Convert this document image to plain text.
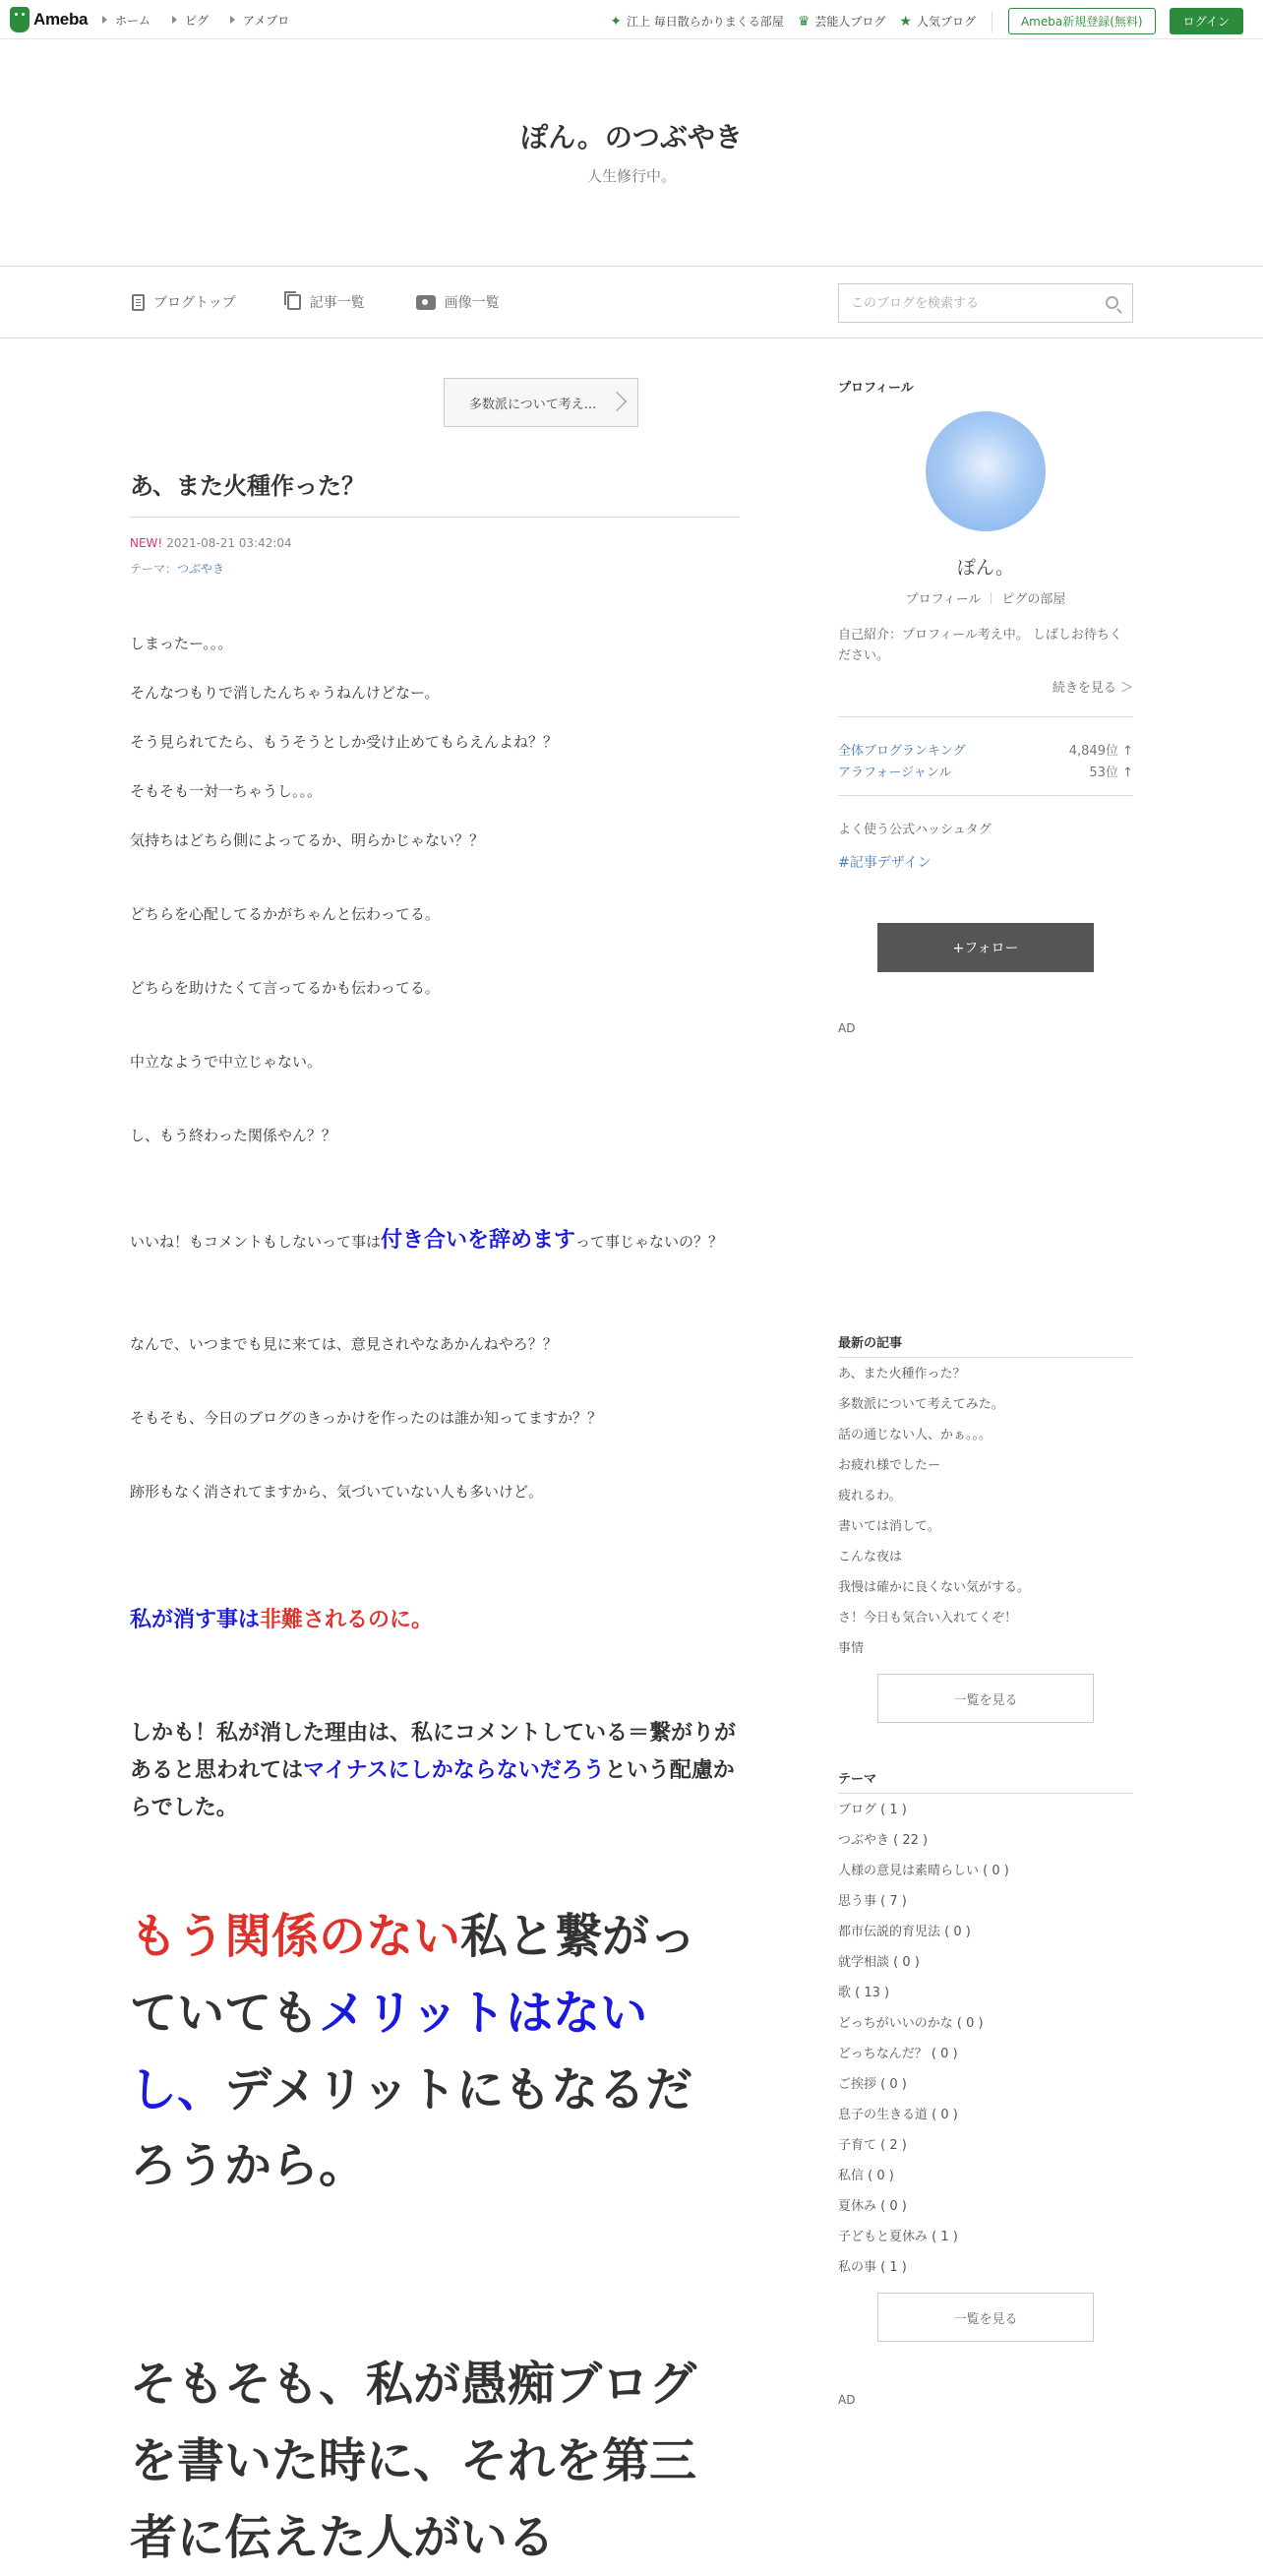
Ameba	ホーム	ピグ	アメブロ	✦ 江上 毎日散らかりまくる部屋 ♛ 芸能人ブログ ★ 人気ブログ	Ameba新規登録(無料)	ログイン
ぽん。のつぶやき
人生修行中。
ブログトップ	記事一覧	画像一覧
このブログを検索する
多数派について考え...
あ、また火種作った？
NEW! 2021-08-21 03:42:04
テーマ：つぶやき
しまったー。。。
そんなつもりで消したんちゃうねんけどなー。
そう見られてたら、もうそうとしか受け止めてもらえんよね？？
そもそも一対一ちゃうし。。。
気持ちはどちら側によってるか、明らかじゃない？？
どちらを心配してるかがちゃんと伝わってる。
どちらを助けたくて言ってるかも伝わってる。
中立なようで中立じゃない。
し、もう終わった関係やん？？
いいね！もコメントもしないって事は付き合いを辞めますって事じゃないの？？
なんで、いつまでも見に来ては、意見されやなあかんねやろ？？
そもそも、今日のブログのきっかけを作ったのは誰か知ってますか？？
跡形もなく消されてますから、気づいていない人も多いけど。
私が消す事は非難されるのに。
しかも！私が消した理由は、私にコメントしている＝繋がりがあると思われてはマイナスにしかならないだろうという配慮からでした。
もう関係のない私と繋がっていてもメリットはないし、デメリットにもなるだろうから。
そもそも、私が愚痴ブログを書いた時に、それを第三者に伝えた人がいる
プロフィール
ぽん。
プロフィール ピグの部屋
自己紹介：プロフィール考え中。 しばしお待ちください。
続きを見る ＞
全体ブログランキング	4,849位 ↑
アラフォージャンル	53位 ↑
よく使う公式ハッシュタグ
#記事デザイン
+フォロー
AD
最新の記事
あ、また火種作った？
多数派について考えてみた。
話の通じない人、かぁ。。。
お疲れ様でしたー
疲れるわ。
書いては消して。
こんな夜は
我慢は確かに良くない気がする。
さ！今日も気合い入れてくぞ！
事情
一覧を見る
テーマ
ブログ ( 1 )
つぶやき ( 22 )
人様の意見は素晴らしい ( 0 )
思う事 ( 7 )
都市伝説的育児法 ( 0 )
就学相談 ( 0 )
歌 ( 13 )
どっちがいいのかな ( 0 )
どっちなんだ？ ( 0 )
ご挨拶 ( 0 )
息子の生きる道 ( 0 )
子育て ( 2 )
私信 ( 0 )
夏休み ( 0 )
子どもと夏休み ( 1 )
私の事 ( 1 )
一覧を見る
AD
